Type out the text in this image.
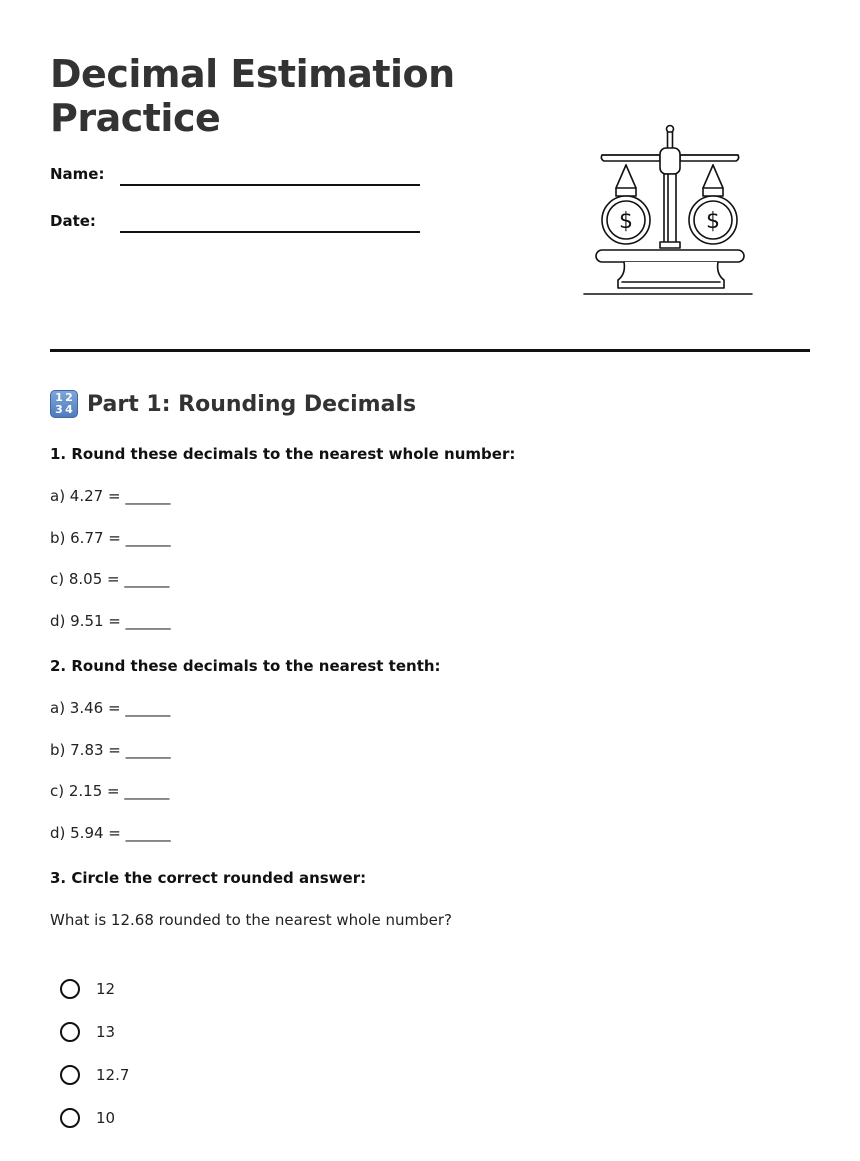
Decimal Estimation Practice
Name:
Date:	$	$
1 2
3 4 Part 1: Rounding Decimals
1. Round these decimals to the nearest whole number:
a) 4.27 = ______
b) 6.77 = ______
c) 8.05 = ______
d) 9.51 = ______
2. Round these decimals to the nearest tenth:
a) 3.46 = ______
b) 7.83 = ______
c) 2.15 = ______
d) 5.94 = ______
3. Circle the correct rounded answer:
What is 12.68 rounded to the nearest whole number?
12
13
12.7
10
